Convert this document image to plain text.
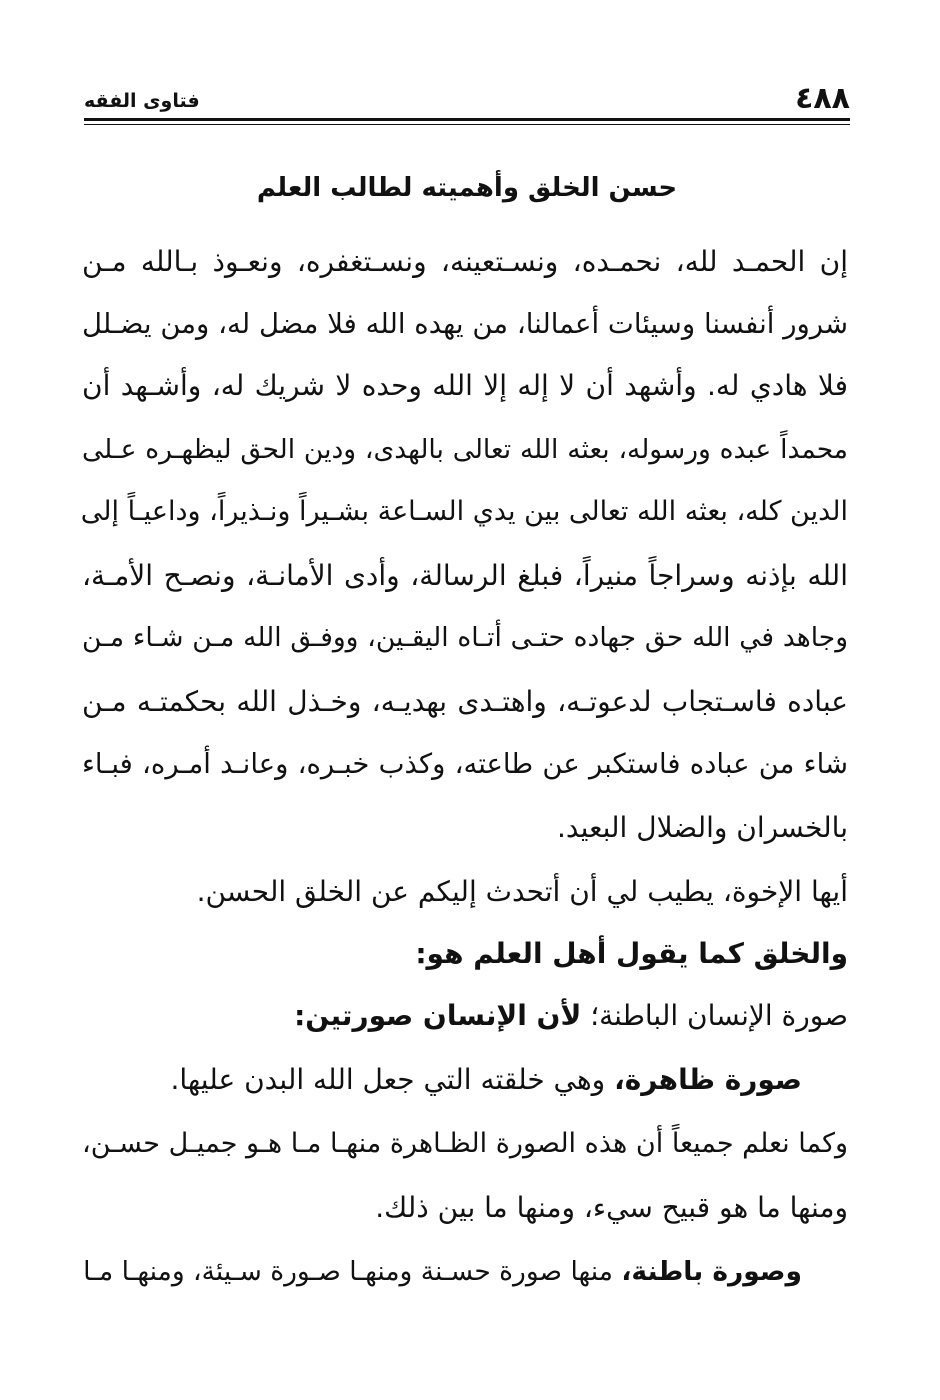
٤٨٨
فتاوى الفقه
حسن الخلق وأهميته لطالب العلم
إن الحمـد لله، نحمـده، ونسـتعينه، ونسـتغفره، ونعـوذ بـالله مـن
شرور أنفسنا وسيئات أعمالنا، من يهده الله فلا مضل له، ومن يضـلل
فلا هادي له. وأشهد أن لا إله إلا الله وحده لا شريك له، وأشـهد أن
محمداً عبده ورسوله، بعثه الله تعالى بالهدى، ودين الحق ليظهـره عـلى
الدين كله، بعثه الله تعالى بين يدي السـاعة بشـيراً ونـذيراً، وداعيـاً إلى
الله بإذنه وسراجاً منيراً، فبلغ الرسالة، وأدى الأمانـة، ونصـح الأمـة،
وجاهد في الله حق جهاده حتـى أتـاه اليقـين، ووفـق الله مـن شـاء مـن
عباده فاسـتجاب لدعوتـه، واهتـدى بهديـه، وخـذل الله بحكمتـه مـن
شاء من عباده فاستكبر عن طاعته، وكذب خبـره، وعانـد أمـره، فبـاء
بالخسران والضلال البعيد.
أيها الإخوة، يطيب لي أن أتحدث إليكم عن الخلق الحسن.
والخلق كما يقول أهل العلم هو:
صورة الإنسان الباطنة؛ لأن الإنسان صورتين:
صورة ظاهرة، وهي خلقته التي جعل الله البدن عليها.
وكما نعلم جميعاً أن هذه الصورة الظـاهرة منهـا مـا هـو جميـل حسـن،
ومنها ما هو قبيح سيء، ومنها ما بين ذلك.
وصورة باطنة، منها صورة حسـنة ومنهـا صـورة سـيئة، ومنهـا مـا
